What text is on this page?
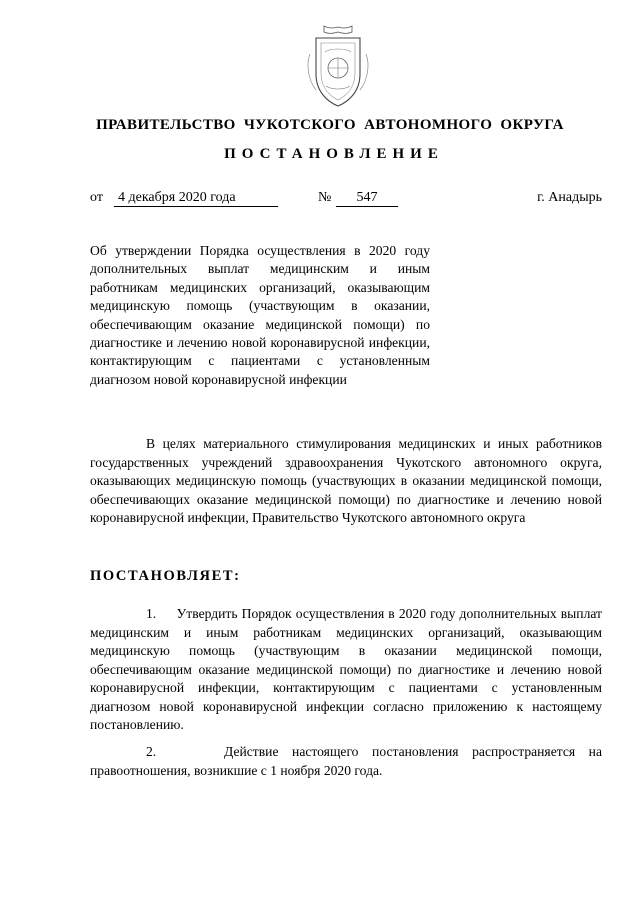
ПРАВИТЕЛЬСТВО ЧУКОТСКОГО АВТОНОМНОГО ОКРУГА
ПОСТАНОВЛЕНИЕ
от 4 декабря 2020 года	№	547	г. Анадырь

Об утверждении Порядка осуществления в 2020 году дополнительных выплат медицинским и иным работникам медицинских организаций, оказывающим медицинскую помощь (участвующим в оказании, обеспечивающим оказание медицинской помощи) по диагностике и лечению новой коронавирусной инфекции, контактирующим с пациентами с установленным диагнозом новой коронавирусной инфекции

В целях материального стимулирования медицинских и иных работников государственных учреждений здравоохранения Чукотского автономного округа, оказывающих медицинскую помощь (участвующих в оказании медицинской помощи, обеспечивающих оказание медицинской помощи) по диагностике и лечению новой коронавирусной инфекции, Правительство Чукотского автономного округа

ПОСТАНОВЛЯЕТ:

1.     Утвердить Порядок осуществления в 2020 году дополнительных выплат медицинским и иным работникам медицинских организаций, оказывающим медицинскую помощь (участвующим в оказании медицинской помощи, обеспечивающим оказание медицинской помощи) по диагностике и лечению новой коронавирусной инфекции, контактирующим с пациентами с установленным диагнозом новой коронавирусной инфекции согласно приложению к настоящему постановлению.

2.     Действие настоящего постановления распространяется на правоотношения, возникшие с 1 ноября 2020 года.
